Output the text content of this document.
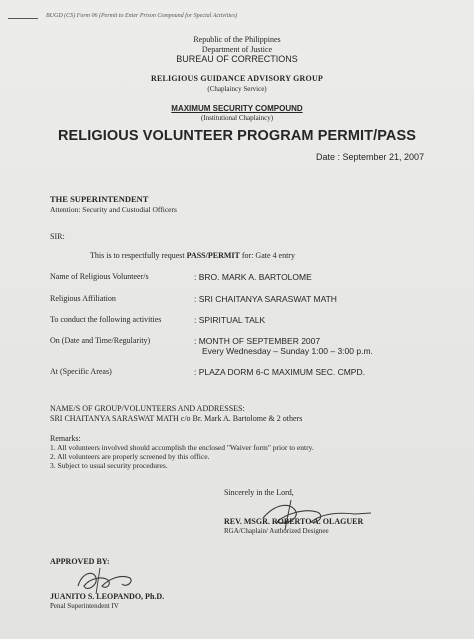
BUGD (CS) Form 06 (Permit to Enter Prison Compound for Special Activities)
Republic of the Philippines
Department of Justice
BUREAU OF CORRECTIONS
RELIGIOUS GUIDANCE ADVISORY GROUP
(Chaplaincy Service)
MAXIMUM SECURITY COMPOUND
(Institutional Chaplaincy)
RELIGIOUS VOLUNTEER PROGRAM PERMIT/PASS
Date : September 21, 2007
THE SUPERINTENDENT
Attention: Security and Custodial Officers
SIR:
This is to respectfully request PASS/PERMIT for: Gate 4 entry
Name of Religious Volunteer/s	: BRO. MARK A. BARTOLOME
Religious Affiliation	: SRI CHAITANYA SARASWAT MATH
To conduct the following activities	: SPIRITUAL TALK
On (Date and Time/Regularity)	: MONTH OF SEPTEMBER 2007
Every Wednesday – Sunday 1:00 – 3:00 p.m.
At (Specific Areas)	: PLAZA DORM 6-C MAXIMUM SEC. CMPD.
NAME/S OF GROUP/VOLUNTEERS AND ADDRESSES:
SRI CHAITANYA SARASWAT MATH c/o Br. Mark A. Bartolome & 2 others
Remarks:
1. All volunteers involved should accomplish the enclosed "Waiver form" prior to entry.
2. All volunteers are properly screened by this office.
3. Subject to usual security procedures.
Sincerely in the Lord,
REV. MSGR. ROBERTO A. OLAGUER
RGA/Chaplain/ Authorized Designee
APPROVED BY:
JUANITO S. LEOPANDO, Ph.D.
Penal Superintendent IV
